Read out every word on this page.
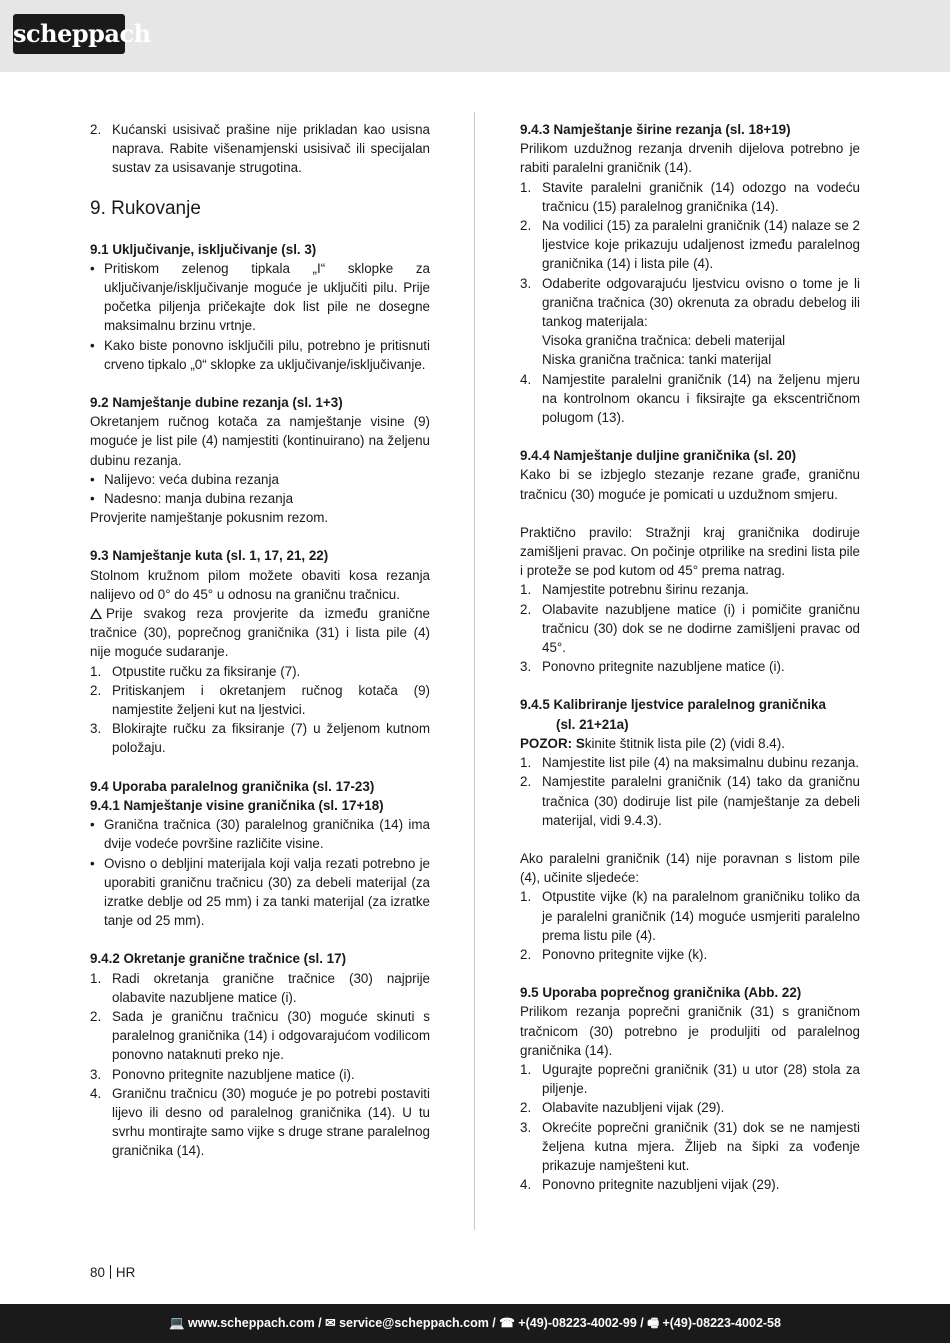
scheppach
2. Kućanski usisivač prašine nije prikladan kao usisna naprava. Rabite višenamjenski usisivač ili specijalan sustav za usisavanje strugotina.
9. Rukovanje

9.1 Uključivanje, isključivanje (sl. 3)

• Pritiskom zelenog tipkala „I“ sklopke za uključivanje/isključivanje moguće je uključiti pilu. Prije početka piljenja pričekajte dok list pile ne dosegne maksimalnu brzinu vrtnje.
• Kako biste ponovno isključili pilu, potrebno je pritisnuti crveno tipkalo „0“ sklopke za uključivanje/isključivanje.

9.2 Namještanje dubine rezanja (sl. 1+3)

Okretanjem ručnog kotača za namještanje visine (9) moguće je list pile (4) namjestiti (kontinuirano) na željenu dubinu rezanja.

• Nalijevo: veća dubina rezanja
• Nadesno: manja dubina rezanja

Provjerite namještanje pokusnim rezom.

9.3 Namještanje kuta (sl. 1, 17, 21, 22)

Stolnom kružnom pilom možete obaviti kosa rezanja nalijevo od 0° do 45° u odnosu na graničnu tračnicu.

Prije svakog reza provjerite da između granične tračnice (30), poprečnog graničnika (31) i lista pile (4) nije moguće sudaranje.

1. Otpustite ručku za fiksiranje (7).
2. Pritiskanjem i okretanjem ručnog kotača (9) namjestite željeni kut na ljestvici.
3. Blokirajte ručku za fiksiranje (7) u željenom kutnom položaju.

9.4 Uporaba paralelnog graničnika (sl. 17-23)

9.4.1 Namještanje visine graničnika (sl. 17+18)

• Granična tračnica (30) paralelnog graničnika (14) ima dvije vodeće površine različite visine.
• Ovisno o debljini materijala koji valja rezati potrebno je uporabiti graničnu tračnicu (30) za debeli materijal (za izratke deblje od 25 mm) i za tanki materijal (za izratke tanje od 25 mm).

9.4.2 Okretanje granične tračnice (sl. 17)

1. Radi okretanja granične tračnice (30) najprije olabavite nazubljene matice (i).
2. Sada je graničnu tračnicu (30) moguće skinuti s paralelnog graničnika (14) i odgovarajućom vodilicom ponovno nataknuti preko nje.
3. Ponovno pritegnite nazubljene matice (i).
4. Graničnu tračnicu (30) moguće je po potrebi postaviti lijevo ili desno od paralelnog graničnika (14). U tu svrhu montirajte samo vijke s druge strane paralelnog graničnika (14).

9.4.3 Namještanje širine rezanja (sl. 18+19)

Prilikom uzdužnog rezanja drvenih dijelova potrebno je rabiti paralelni graničnik (14).

1. Stavite paralelni graničnik (14) odozgo na vodeću tračnicu (15) paralelnog graničnika (14).
2. Na vodilici (15) za paralelni graničnik (14) nalaze se 2 ljestvice koje prikazuju udaljenost između paralelnog graničnika (14) i lista pile (4).
3. Odaberite odgovarajuću ljestvicu ovisno o tome je li granična tračnica (30) okrenuta za obradu debelog ili tankog materijala:

Visoka granična tračnica: debeli materijal

Niska granična tračnica: tanki materijal

4. Namjestite paralelni graničnik (14) na željenu mjeru na kontrolnom okancu i fiksirajte ga ekscentričnom polugom (13).

9.4.4 Namještanje duljine graničnika (sl. 20)

Kako bi se izbjeglo stezanje rezane građe, graničnu tračnicu (30) moguće je pomicati u uzdužnom smjeru.

Praktično pravilo: Stražnji kraj graničnika dodiruje zamišljeni pravac. On počinje otprilike na sredini lista pile i proteže se pod kutom od 45° prema natrag.

1. Namjestite potrebnu širinu rezanja.
2. Olabavite nazubljene matice (i) i pomičite graničnu tračnicu (30) dok se ne dodirne zamišljeni pravac od 45°.
3. Ponovno pritegnite nazubljene matice (i).

9.4.5 Kalibriranje ljestvice paralelnog graničnika

(sl. 21+21a)

POZOR: Skinite štitnik lista pile (2) (vidi 8.4).

1. Namjestite list pile (4) na maksimalnu dubinu rezanja.
2. Namjestite paralelni graničnik (14) tako da graničnu tračnica (30) dodiruje list pile (namještanje za debeli materijal, vidi 9.4.3).

Ako paralelni graničnik (14) nije poravnan s listom pile (4), učinite sljedeće:

1. Otpustite vijke (k) na paralelnom graničniku toliko da je paralelni graničnik (14) moguće usmjeriti paralelno prema listu pile (4).
2. Ponovno pritegnite vijke (k).

9.5 Uporaba poprečnog graničnika (Abb. 22)

Prilikom rezanja poprečni graničnik (31) s graničnom tračnicom (30) potrebno je produljiti od paralelnog graničnika (14).

1. Ugurajte poprečni graničnik (31) u utor (28) stola za piljenje.
2. Olabavite nazubljeni vijak (29).
3. Okrećite poprečni graničnik (31) dok se ne namjesti željena kutna mjera. Žlijeb na šipki za vođenje prikazuje namješteni kut.
4. Ponovno pritegnite nazubljeni vijak (29).
80 HR
💻 www.scheppach.com / ✉ service@scheppach.com / ☎ +(49)-08223-4002-99 / 🖷 +(49)-08223-4002-58
